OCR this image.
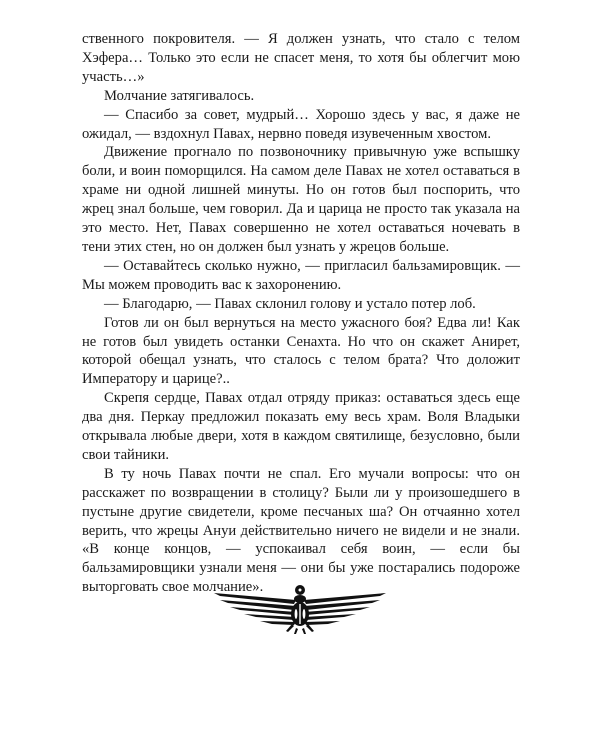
ственного покровителя. — Я должен узнать, что стало с телом Хэфера… Только это если не спасет меня, то хотя бы облегчит мою участь…»

Молчание затягивалось.

— Спасибо за совет, мудрый… Хорошо здесь у вас, я даже не ожидал, — вздохнул Павах, нервно поведя изувеченным хвостом.

Движение прогнало по позвоночнику привычную уже вспышку боли, и воин поморщился. На самом деле Павах не хотел оставаться в храме ни одной лишней минуты. Но он готов был поспорить, что жрец знал больше, чем говорил. Да и царица не просто так указала на это место. Нет, Павах совершенно не хотел оставаться ночевать в тени этих стен, но он должен был узнать у жрецов больше.

— Оставайтесь сколько нужно, — пригласил бальзамировщик. — Мы можем проводить вас к захоронению.

— Благодарю, — Павах склонил голову и устало потер лоб.

Готов ли он был вернуться на место ужасного боя? Едва ли! Как не готов был увидеть останки Сенахта. Но что он скажет Анирет, которой обещал узнать, что сталось с телом брата? Что доложит Императору и царице?..

Скрепя сердце, Павах отдал отряду приказ: оставаться здесь еще два дня. Перкау предложил показать ему весь храм. Воля Владыки открывала любые двери, хотя в каждом святилище, безусловно, были свои тайники.

В ту ночь Павах почти не спал. Его мучали вопросы: что он расскажет по возвращении в столицу? Были ли у произошедшего в пустыне другие свидетели, кроме песчаных ша? Он отчаянно хотел верить, что жрецы Ануи действительно ничего не видели и не знали. «В конце концов, — успокаивал себя воин, — если бы бальзамировщики узнали меня — они бы уже постарались подороже выторговать свое молчание».
